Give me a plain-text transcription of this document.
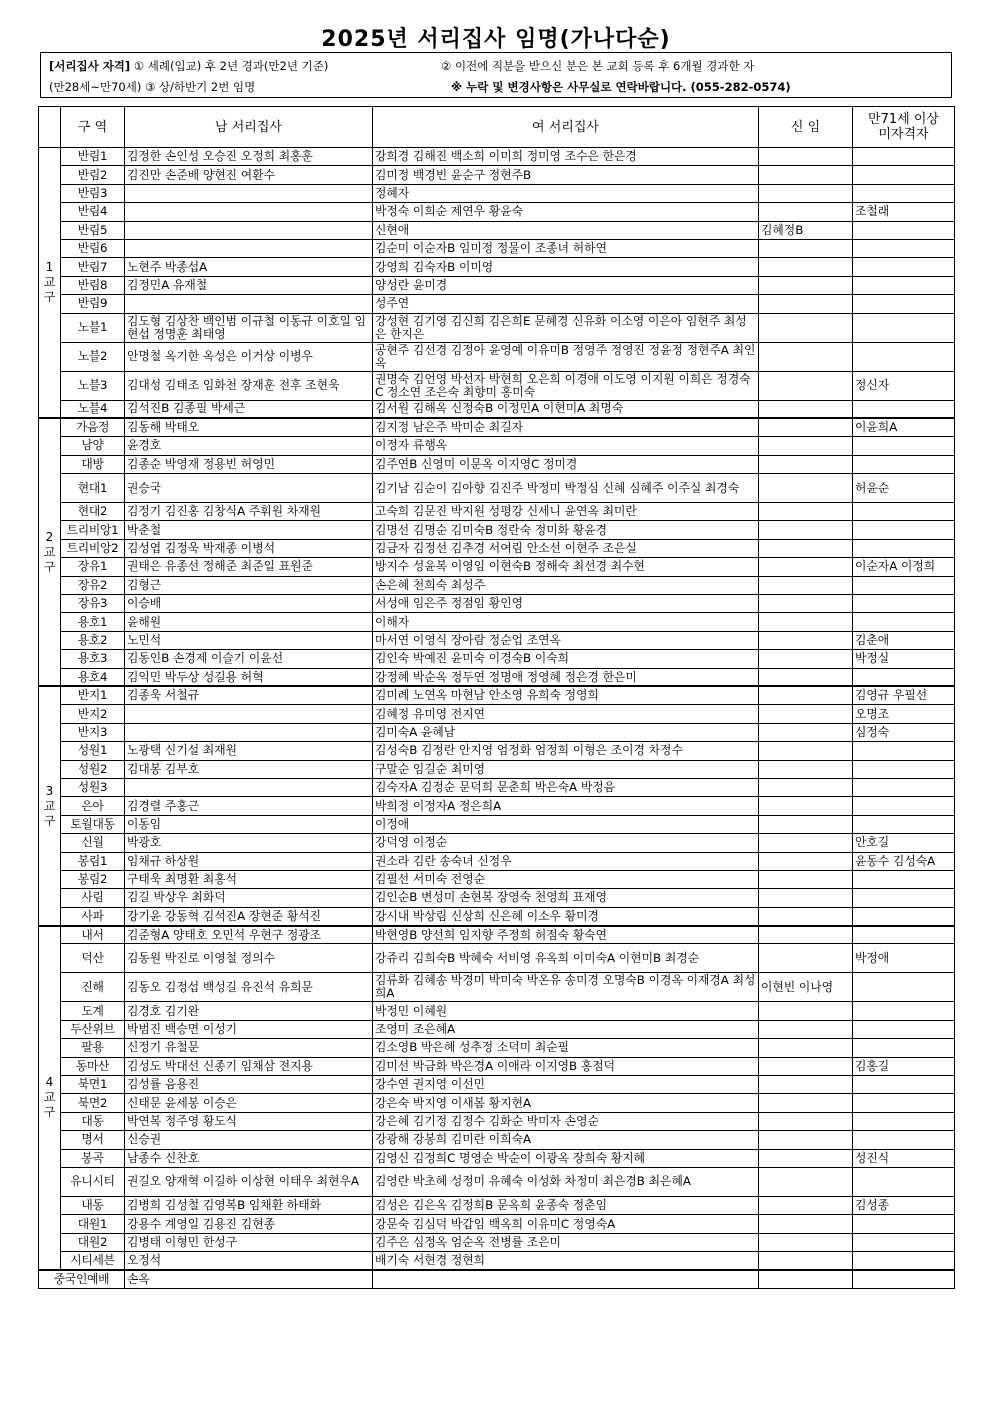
2025년 서리집사 임명(가나다순)
[서리집사 자격] ① 세례(입교) 후 2년 경과(만2년 기준)	② 이전에 직분을 받으신 분은 본 교회 등록 후 6개월 경과한 자
(만28세~만70세) ③ 상/하반기 2번 임명	※ 누락 및 변경사항은 사무실로 연락바랍니다. (055-282-0574)
	구 역	남 서리집사	여 서리집사	신 임	만71세 이상
미자격자

1
교
구	반림1	김정한 손인성 오승진 오정희 최홍훈	강희경 김해진 백소희 이미희 정미영 조수은 한은경		
	반림2	김진만 손준배 양현진 여환수	김미정 백경빈 윤순구 정현주B		
	반림3		정혜자		
	반림4		박정숙 이희순 제연우 황윤숙		조철래
	반림5		신현애	김혜정B	
	반림6		김순미 이순자B 임미정 정물이 조종녀 허하연		
	반림7	노현주 박종섭A	강영희 김숙자B 이미영		
	반림8	김정민A 유재철	양성란 윤미경		
	반림9		성주연		
	노블1	김도형 김상찬 백인범 이규철 이동규 이호일 임현섭 정명훈 최태영	강성현 김기영 김신희 김은희E 문혜경 신유화 이소영 이은아 임현주 최성은 한지은		
	노블2	안명철 옥기한 옥성은 이거상 이병우	공현주 김선경 김정아 윤영예 이유미B 정영주 정영진 정윤정 정현주A 최인옥		
	노블3	김대성 김태조 임화천 장재훈 전후 조현욱	권명숙 김언영 박선자 박현희 오은희 이경애 이도영 이지원 이희은 정경숙C 정소연 조은숙 최향미 홍미숙		정신자
	노블4	김석진B 김종필 박세근	김서원 김해옥 신정숙B 이정민A 이현미A 최명숙		
2
교
구	가음정	김동해 박태오	김지정 남은주 박미순 최길자		이윤희A
	남양	윤경호	이정자 류행옥		
	대방	김종순 박영재 정용빈 허영민	김주연B 신영미 이문옥 이지영C 정미경		
	현대1	권승국	김기남 김순이 김아향 김진주 박정미 박정심 신혜 심혜주 이주실 최경숙		허윤순
	현대2	김정기 김진홍 김창식A 주휘원 차재원	고숙희 김문진 박지원 성평강 신세니 윤연옥 최미란		
	트리비앙1	박춘철	김명선 김명순 김미숙B 정란숙 정미화 황윤경		
	트리비앙2	김성엽 김정욱 박재종 이병석	김금자 김정선 김추경 서여림 안소선 이현주 조은실		
	장유1	권태은 유종선 정해준 최준일 표원준	방지수 성윤복 이영임 이현숙B 정해숙 최선경 최수현		이순자A 이정희
	장유2	김형근	손은혜 천희숙 최성주		
	장유3	이승배	서성애 임은주 정점임 황인영		
	용호1	윤해원	이해자		
	용호2	노민석	마서연 이영식 장아람 정순업 조연옥		김춘애
	용호3	김동인B 손경제 이슬기 이윤선	김인숙 박예진 윤미숙 이경숙B 이숙희		박정실
	용호4	김익민 박두상 성길용 허혁	강정혜 박순옥 정두연 정명애 정영혜 정은경 한은미		
3
교
구	반지1	김종욱 서철규	김미례 노연옥 마현남 안소영 유희숙 정영희		김영규 우필선
	반지2		김혜정 유미영 전지연		오명조
	반지3		김미숙A 윤혜남		심정숙
	성원1	노광택 신기설 최재원	김성숙B 김정란 안지영 엄정화 엄정희 이형은 조이경 차정수		
	성원2	김대봉 김부호	구말순 임길순 최미영		
	성원3		김숙자A 김정순 문덕희 문춘희 박은숙A 박정음		
	은아	김경렬 주홍근	박희정 이정자A 정은희A		
	토월대동	이동임	이정애		
	신월	박광호	강덕영 이정순		안호길
	봉림1	임채규 하상원	권소라 김란 송숙녀 신정우		윤동수 김성숙A
	봉림2	구태욱 최명환 최홍석	김필선 서미숙 전영순		
	사림	김길 박상우 최화덕	김인순B 변성미 손현복 장영숙 천영희 표재영		
	사파	강기윤 강동혁 김석진A 장현준 황석진	강시내 박상림 신상희 신은혜 이소우 황미경		
4
교
구	내서	김준형A 양태호 오민석 우현구 정광조	박현영B 양선희 임지향 주정희 허점숙 황숙연		
	덕산	김동원 박진로 이영철 정의수	강쥬리 김희숙B 박혜숙 서비영 유옥희 이미숙A 이현미B 최경순		박정애
	진해	김동오 김정섭 백성길 유진석 유희문	김류화 김혜송 박경미 박미숙 박온유 송미경 오명숙B 이경옥 이재경A 최성희A	이현빈 이나영	
	도계	김경호 김기완	박정민 이혜원		
	두산위브	박범진 백승면 이성기	조영미 조은혜A		
	팔용	신정기 유철문	김소영B 박은혜 성추정 소덕미 최순필		
	동마산	김성도 박대선 신종기 임채삼 전지용	김미선 박금화 박은경A 이애라 이지영B 홍점덕		김홍길
	북면1	김성률 음용진	강수연 권지영 이선민		
	북면2	신태문 윤세봉 이승은	강은숙 박지영 이새봄 황지현A		
	대동	박연복 정주영 황도식	강은혜 김기정 김정수 김화순 박미자 손영순		
	명서	신승권	강광해 강봉희 김미란 이희숙A		
	봉곡	남종수 신찬호	김영신 김정희C 명영순 박순이 이광옥 장희숙 황지혜		성진식
	유니시티	권길오 양재혁 이길하 이상현 이태우 최현우A	김영란 박초혜 성정미 유혜숙 이성화 차정미 최은경B 최은혜A		
	내동	김병희 김성철 김영복B 임채환 하태화	김성은 김은옥 김정희B 문옥희 윤종숙 정춘임		김성종
	대원1	강용수 계영일 김용진 김현종	강문숙 김심덕 박갑임 백옥희 이유미C 정영숙A		
	대원2	김병태 이형민 한성구	김주은 심정옥 엄순옥 전병률 조은미		
	시티세븐	오정석	배기숙 서현경 정현희		
중국인예배		손옥			
